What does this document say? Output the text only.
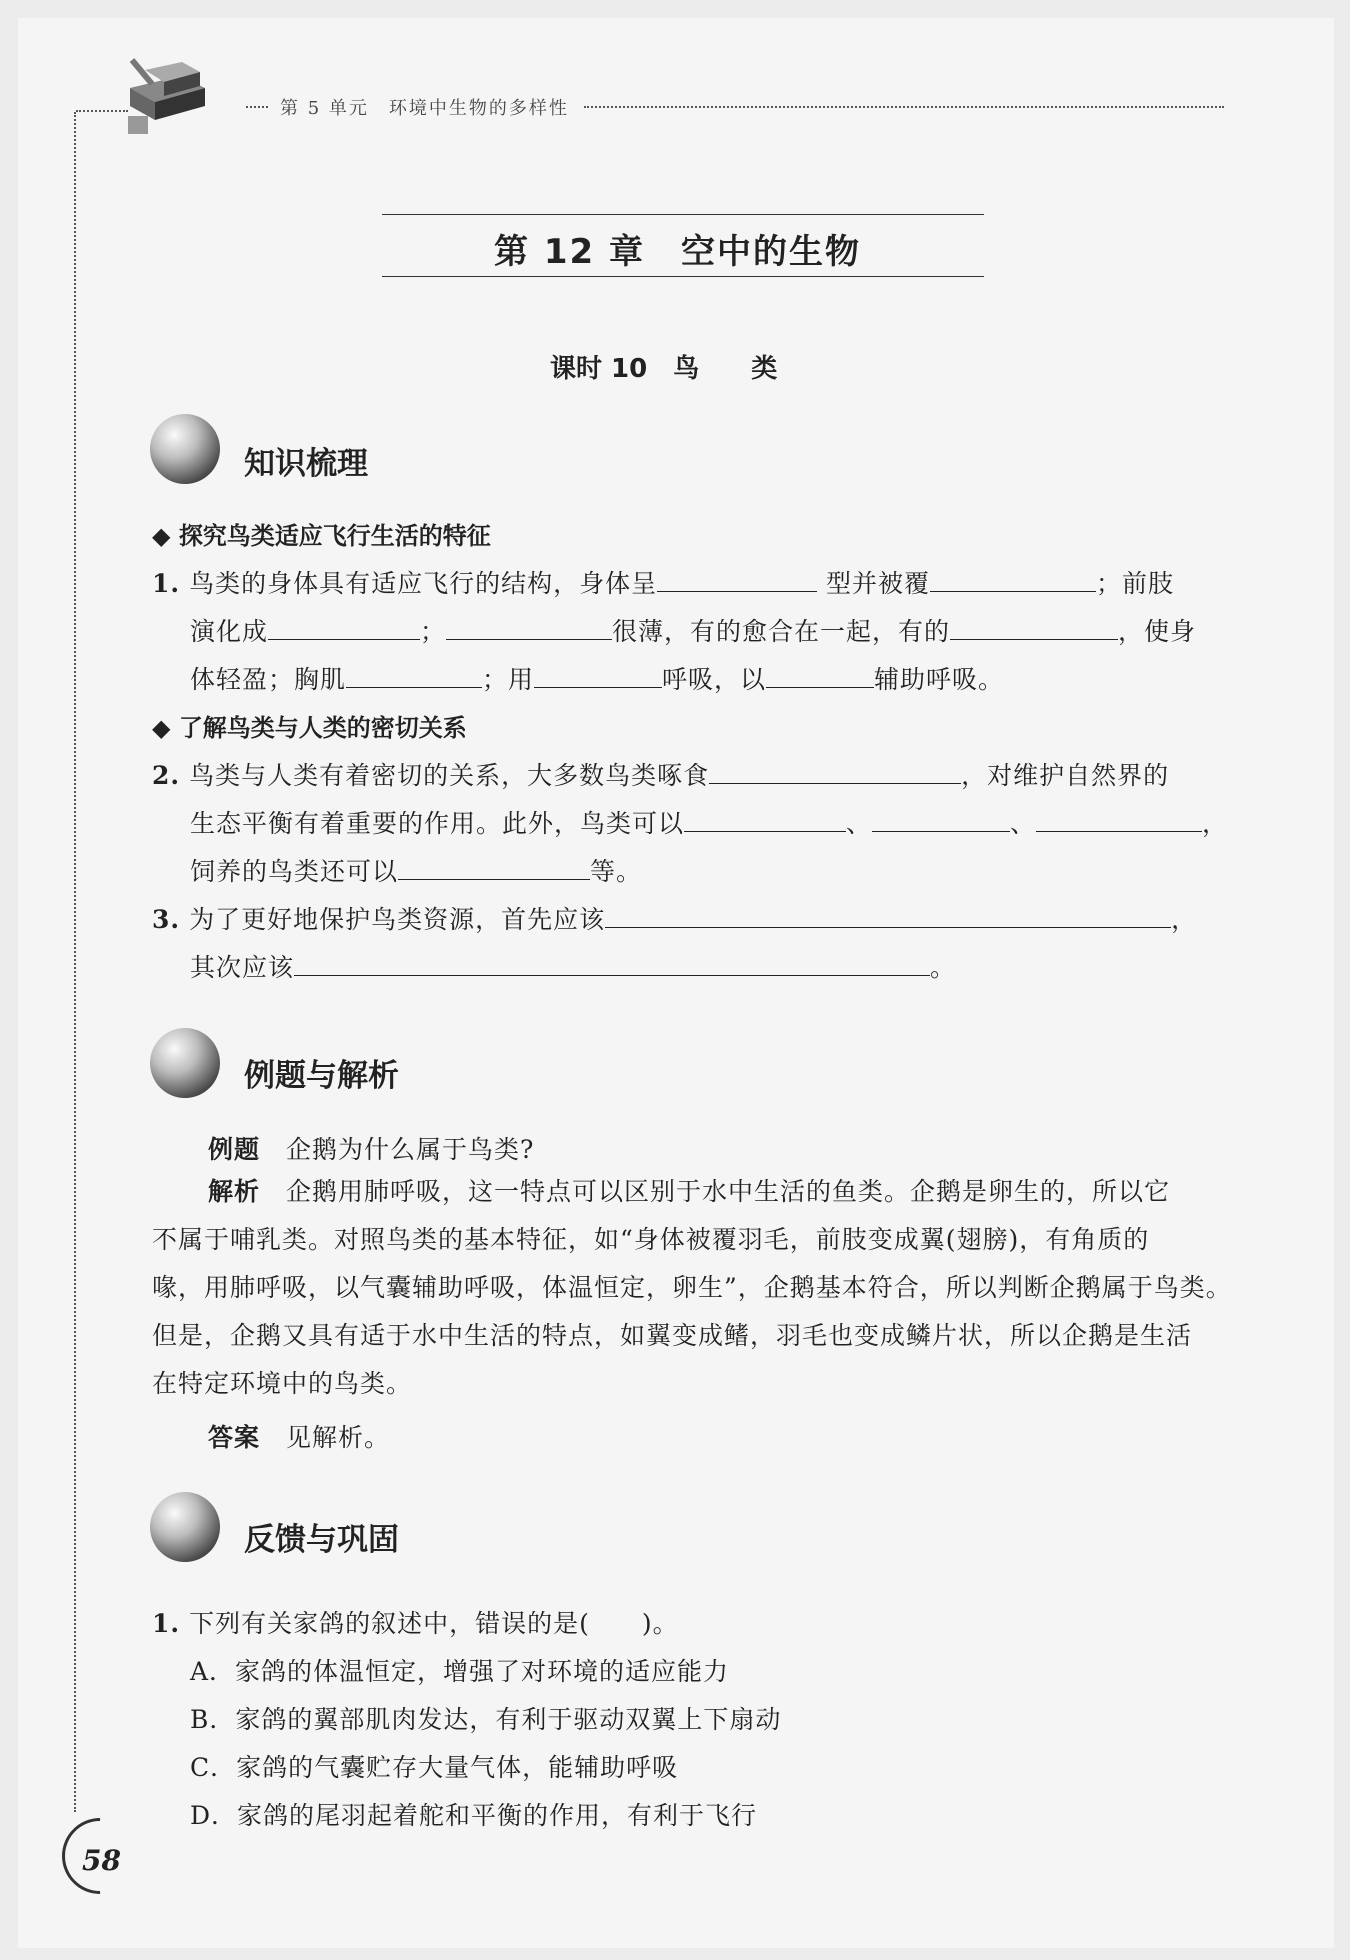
第 5 单元　环境中生物的多样性
第 12 章　空中的生物
课时 10　鸟　　类
知识梳理
◆ 探究鸟类适应飞行生活的特征
1. 鸟类的身体具有适应飞行的结构，身体呈	型并被覆	；前肢
演化成	；	很薄，有的愈合在一起，有的	，使身
体轻盈；胸肌	；用	呼吸，以	辅助呼吸。
◆ 了解鸟类与人类的密切关系
2. 鸟类与人类有着密切的关系，大多数鸟类啄食	，对维护自然界的
生态平衡有着重要的作用。此外，鸟类可以	、	、	，
饲养的鸟类还可以	等。
3. 为了更好地保护鸟类资源，首先应该	，
其次应该	。
例题与解析
例题　 企鹅为什么属于鸟类?
解析　 企鹅用肺呼吸，这一特点可以区别于水中生活的鱼类。企鹅是卵生的，所以它
不属于哺乳类。对照鸟类的基本特征，如“身体被覆羽毛，前肢变成翼(翅膀)，有角质的
喙，用肺呼吸，以气囊辅助呼吸，体温恒定，卵生”，企鹅基本符合，所以判断企鹅属于鸟类。
但是，企鹅又具有适于水中生活的特点，如翼变成鳍，羽毛也变成鳞片状，所以企鹅是生活
在特定环境中的鸟类。
答案　 见解析。
反馈与巩固
1. 下列有关家鸽的叙述中，错误的是(　　)。
A．家鸽的体温恒定，增强了对环境的适应能力
B．家鸽的翼部肌肉发达，有利于驱动双翼上下扇动
C．家鸽的气囊贮存大量气体，能辅助呼吸
D．家鸽的尾羽起着舵和平衡的作用，有利于飞行
58
